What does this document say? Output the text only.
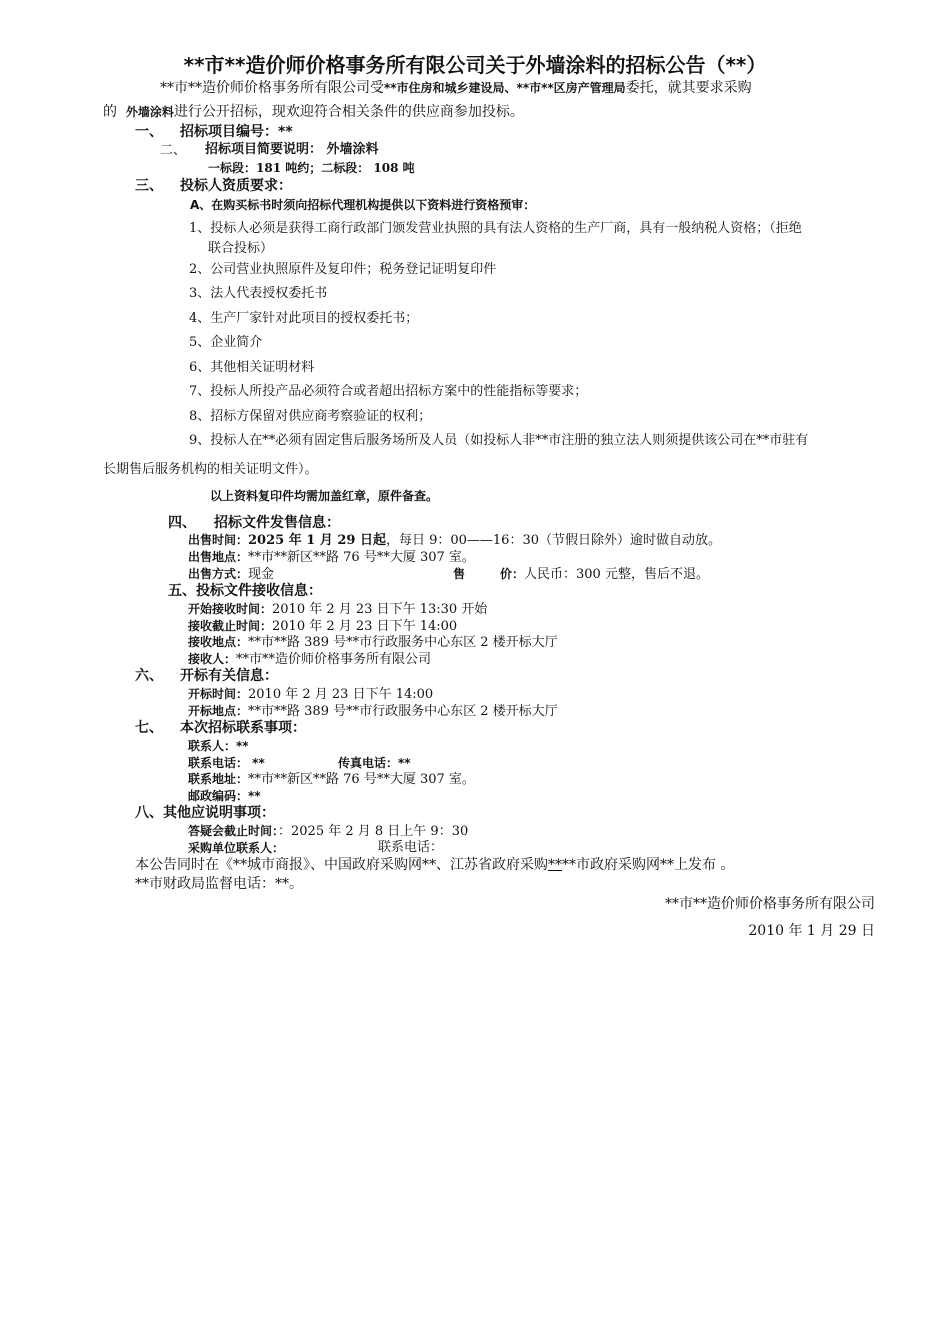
**市**造价师价格事务所有限公司关于外墙涂料的招标公告（**）
**市**造价师价格事务所有限公司受**市住房和城乡建设局、**市**区房产管理局委托，就其要求采购
的 外墙涂料进行公开招标，现欢迎符合相关条件的供应商参加投标。
一、 招标项目编号：**
二、 招标项目简要说明： 外墙涂料
一标段：181 吨约；二标段： 108 吨
三、 投标人资质要求：
A、在购买标书时须向招标代理机构提供以下资料进行资格预审：
1、投标人必须是获得工商行政部门颁发营业执照的具有法人资格的生产厂商，具有一般纳税人资格；（拒绝
联合投标）
2、公司营业执照原件及复印件；税务登记证明复印件
3、法人代表授权委托书
4、生产厂家针对此项目的授权委托书；
5、企业简介
6、其他相关证明材料
7、投标人所投产品必须符合或者超出招标方案中的性能指标等要求；
8、招标方保留对供应商考察验证的权利；
9、投标人在**必须有固定售后服务场所及人员（如投标人非**市注册的独立法人则须提供该公司在**市驻有
长期售后服务机构的相关证明文件）。
以上资料复印件均需加盖红章，原件备查。
四、 招标文件发售信息：
出售时间：2025 年 1 月 29 日起，每日 9：00——16：30（节假日除外）逾时做自动放。
出售地点：**市**新区**路 76 号**大厦 307 室。
出售方式：现金	售	价：人民币：300 元整，售后不退。
五、投标文件接收信息：
开始接收时间：2010 年 2 月 23 日下午 13:30 开始
接收截止时间：2010 年 2 月 23 日下午 14:00
接收地点：**市**路 389 号**市行政服务中心东区 2 楼开标大厅
接收人：**市**造价师价格事务所有限公司
六、 开标有关信息：
开标时间：2010 年 2 月 23 日下午 14:00
开标地点：**市**路 389 号**市行政服务中心东区 2 楼开标大厅
七、 本次招标联系事项：
联系人：**
联系电话： **	传真电话：**
联系地址：**市**新区**路 76 号**大厦 307 室。
邮政编码：**
八、其他应说明事项：
答疑会截止时间：：2025 年 2 月 8 日上午 9：30
采购单位联系人：	联系电话：
本公告同时在《**城市商报》、中国政府采购网**、江苏省政府采购****市政府采购网**上发布 。
**市财政局监督电话：**。
**市**造价师价格事务所有限公司
2010 年 1 月 29 日
